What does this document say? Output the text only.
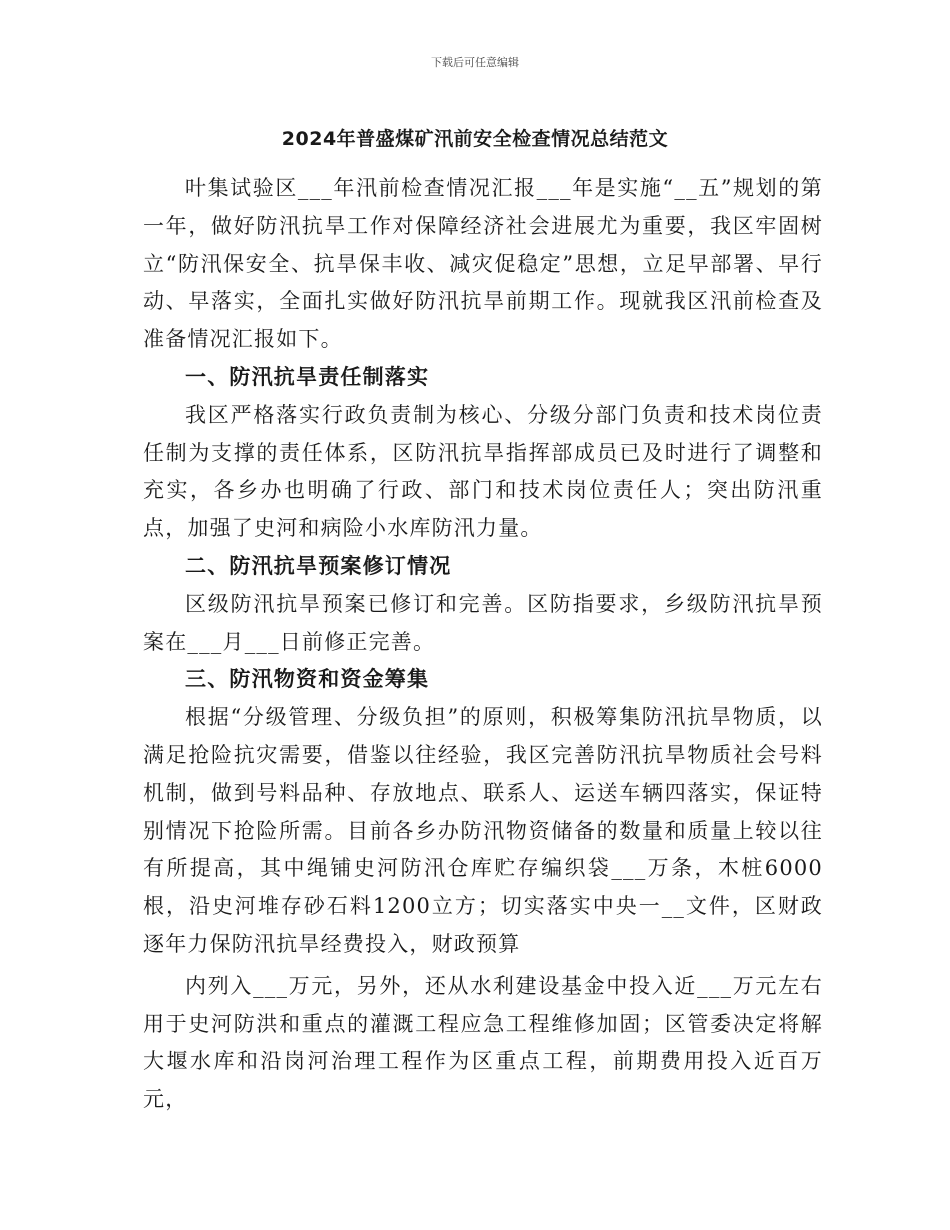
下载后可任意编辑
2024年普盛煤矿汛前安全检查情况总结范文

叶集试验区___年汛前检查情况汇报___年是实施“__五”规划的第一年，做好防汛抗旱工作对保障经济社会进展尤为重要，我区牢固树立“防汛保安全、抗旱保丰收、减灾促稳定”思想，立足早部署、早行动、早落实，全面扎实做好防汛抗旱前期工作。现就我区汛前检查及准备情况汇报如下。

一、防汛抗旱责任制落实

我区严格落实行政负责制为核心、分级分部门负责和技术岗位责任制为支撑的责任体系，区防汛抗旱指挥部成员已及时进行了调整和充实，各乡办也明确了行政、部门和技术岗位责任人；突出防汛重点，加强了史河和病险小水库防汛力量。

二、防汛抗旱预案修订情况

区级防汛抗旱预案已修订和完善。区防指要求，乡级防汛抗旱预案在___月___日前修正完善。

三、防汛物资和资金筹集

根据“分级管理、分级负担”的原则，积极筹集防汛抗旱物质，以满足抢险抗灾需要，借鉴以往经验，我区完善防汛抗旱物质社会号料机制，做到号料品种、存放地点、联系人、运送车辆四落实，保证特别情况下抢险所需。目前各乡办防汛物资储备的数量和质量上较以往有所提高，其中绳铺史河防汛仓库贮存编织袋___万条，木桩6000根，沿史河堆存砂石料1200立方；切实落实中央一__文件，区财政逐年力保防汛抗旱经费投入，财政预算

内列入___万元，另外，还从水利建设基金中投入近___万元左右用于史河防洪和重点的灌溉工程应急工程维修加固；区管委决定将解大堰水库和沿岗河治理工程作为区重点工程，前期费用投入近百万元，
